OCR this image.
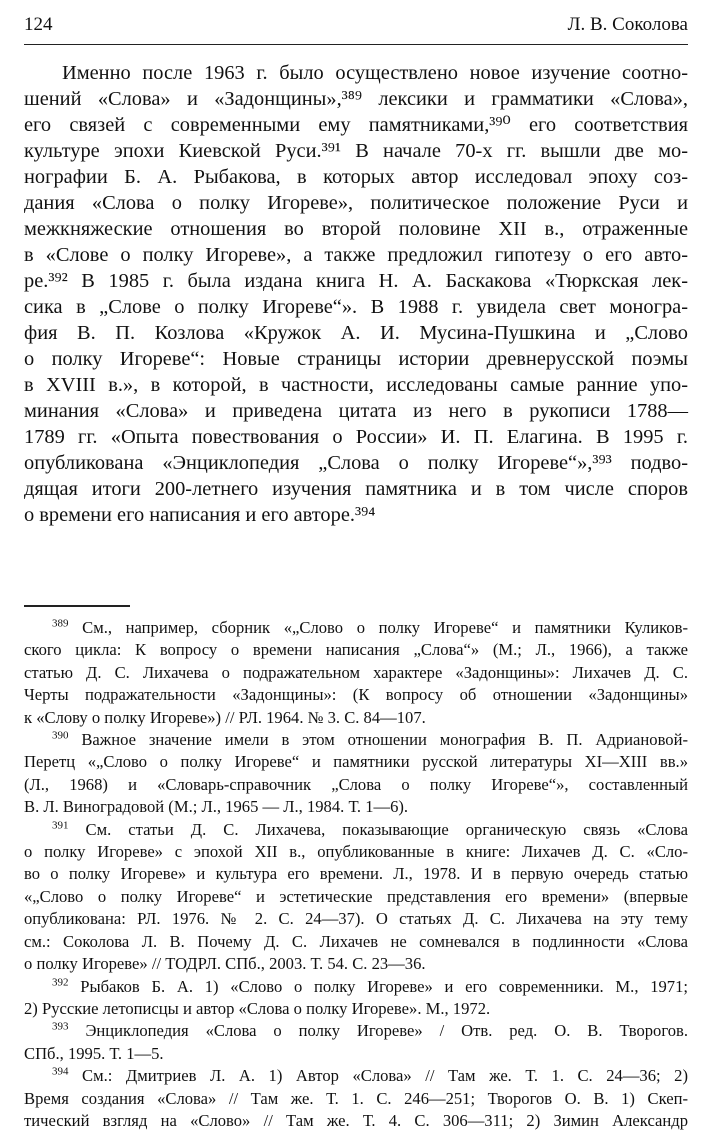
124	Л. В. Соколова

Именно после 1963 г. было осуществлено новое изучение соотно-
шений «Слова» и «Задонщины»,³⁸⁹ лексики и грамматики «Слова»,
его связей с современными ему памятниками,³⁹⁰ его соответствия
культуре эпохи Киевской Руси.³⁹¹ В начале 70-х гг. вышли две мо-
нографии Б. А. Рыбакова, в которых автор исследовал эпоху соз-
дания «Слова о полку Игореве», политическое положение Руси и
межкняжеские отношения во второй половине XII в., отраженные
в «Слове о полку Игореве», а также предложил гипотезу о его авто-
ре.³⁹² В 1985 г. была издана книга Н. А. Баскакова «Тюркская лек-
сика в „Слове о полку Игореве“». В 1988 г. увидела свет моногра-
фия В. П. Козлова «Кружок А. И. Мусина-Пушкина и „Слово
о полку Игореве“: Новые страницы истории древнерусской поэмы
в XVIII в.», в которой, в частности, исследованы самые ранние упо-
минания «Слова» и приведена цитата из него в рукописи 1788—
1789 гг. «Опыта повествования о России» И. П. Елагина. В 1995 г.
опубликована «Энциклопедия „Слова о полку Игореве“»,³⁹³ подво-
дящая итоги 200-летнего изучения памятника и в том числе споров
о времени его написания и его авторе.³⁹⁴

$^{389}$ См., например, сборник «„Слово о полку Игореве“ и памятники Куликов-
ского цикла: К вопросу о времени написания „Слова“» (М.; Л., 1966), а также
статью Д. С. Лихачева о подражательном характере «Задонщины»: Лихачев Д. С.
Черты подражательности «Задонщины»: (К вопросу об отношении «Задонщины»
к «Слову о полку Игореве») // РЛ. 1964. № 3. С. 84—107.
$^{390}$ Важное значение имели в этом отношении монография В. П. Адриановой-
Перетц «„Слово о полку Игореве“ и памятники русской литературы XI—XIII вв.»
(Л., 1968) и «Словарь-справочник „Слова о полку Игореве“», составленный
В. Л. Виноградовой (М.; Л., 1965 — Л., 1984. Т. 1—6).
$^{391}$ См. статьи Д. С. Лихачева, показывающие органическую связь «Слова
о полку Игореве» с эпохой XII в., опубликованные в книге: Лихачев Д. С. «Сло-
во о полку Игореве» и культура его времени. Л., 1978. И в первую очередь статью
«„Слово о полку Игореве“ и эстетические представления его времени» (впервые
опубликована: РЛ. 1976. № 2. С. 24—37). О статьях Д. С. Лихачева на эту тему
см.: Соколова Л. В. Почему Д. С. Лихачев не сомневался в подлинности «Слова
о полку Игореве» // ТОДРЛ. СПб., 2003. Т. 54. С. 23—36.
$^{392}$ Рыбаков Б. А. 1) «Слово о полку Игореве» и его современники. М., 1971;
2) Русские летописцы и автор «Слова о полку Игореве». М., 1972.
$^{393}$ Энциклопедия «Слова о полку Игореве» / Отв. ред. О. В. Творогов.
СПб., 1995. Т. 1—5.
$^{394}$ См.: Дмитриев Л. А. 1) Автор «Слова» // Там же. Т. 1. С. 24—36; 2)
Время создания «Слова» // Там же. Т. 1. С. 246—251; Творогов О. В. 1) Скеп-
тический взгляд на «Слово» // Там же. Т. 4. С. 306—311; 2) Зимин Александр
